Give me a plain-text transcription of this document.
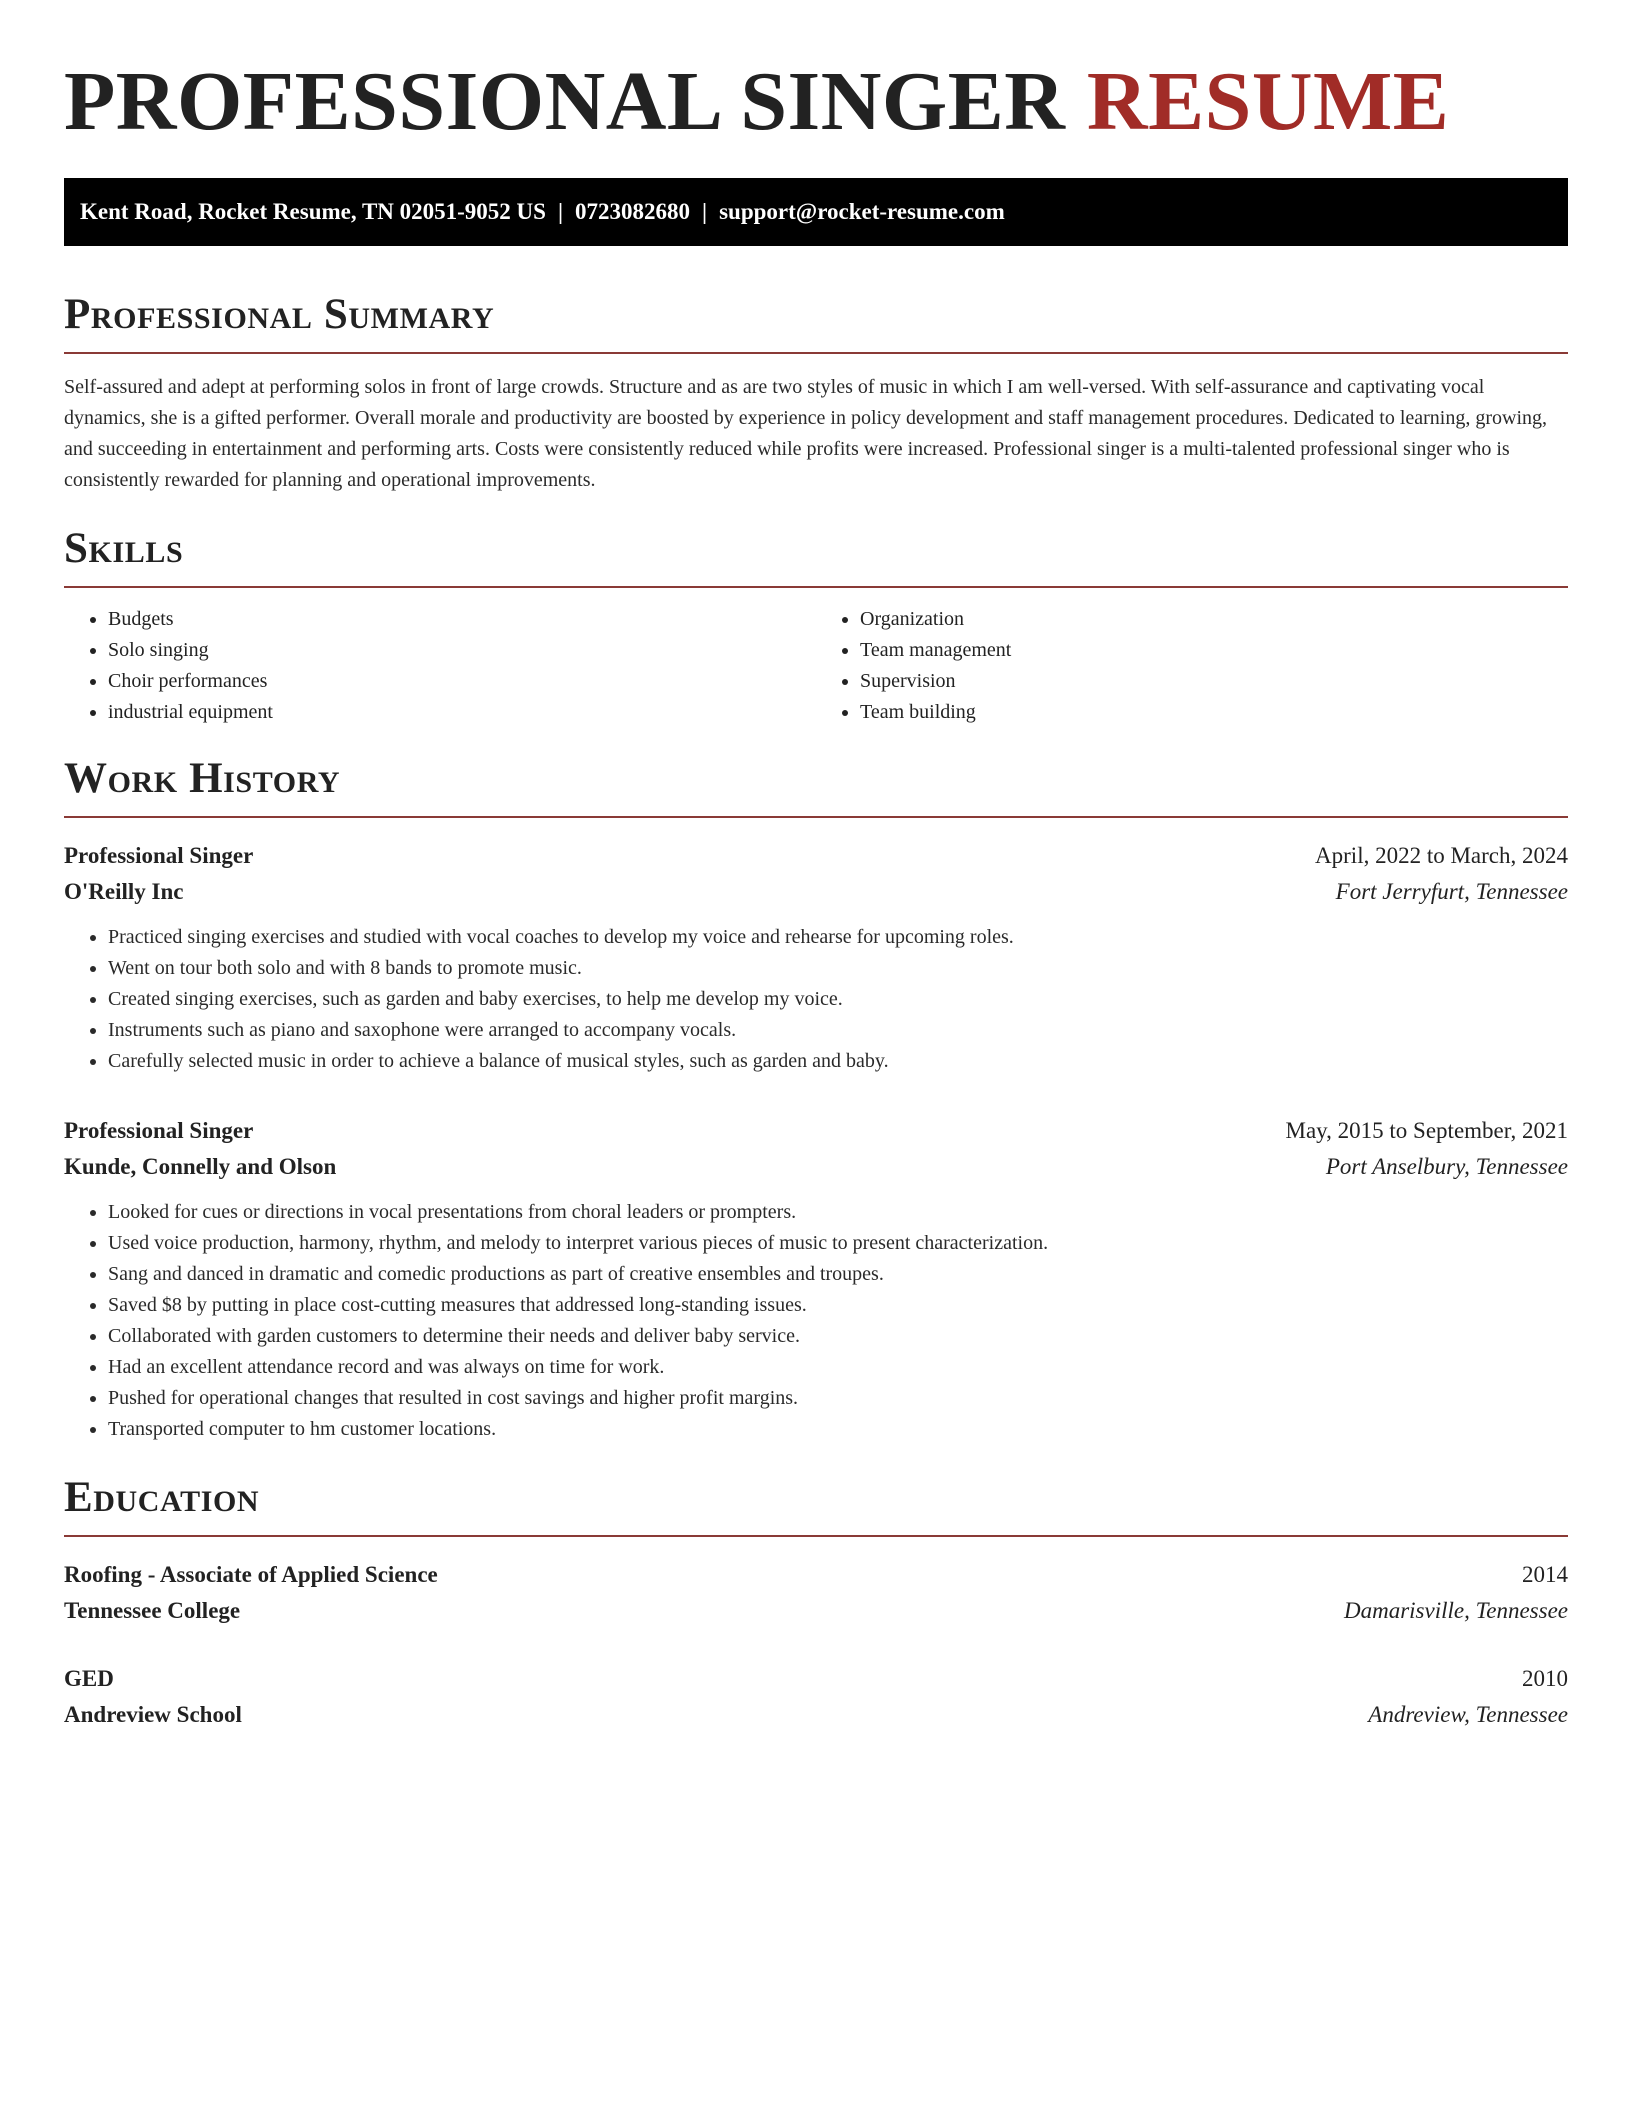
PROFESSIONAL SINGER RESUME
Kent Road, Rocket Resume, TN 02051-9052 US | 0723082680 | support@rocket-resume.com
Professional Summary

Self-assured and adept at performing solos in front of large crowds. Structure and as are two styles of music in which I am well-versed. With self-assurance and captivating vocal dynamics, she is a gifted performer. Overall morale and productivity are boosted by experience in policy development and staff management procedures. Dedicated to learning, growing, and succeeding in entertainment and performing arts. Costs were consistently reduced while profits were increased. Professional singer is a multi-talented professional singer who is consistently rewarded for planning and operational improvements.

Skills
• Budgets
• Solo singing
• Choir performances
• industrial equipment
• Organization
• Team management
• Supervision
• Team building
Work History
Professional Singer	April, 2022 to March, 2024
O'Reilly Inc	Fort Jerryfurt, Tennessee
• Practiced singing exercises and studied with vocal coaches to develop my voice and rehearse for upcoming roles.
• Went on tour both solo and with 8 bands to promote music.
• Created singing exercises, such as garden and baby exercises, to help me develop my voice.
• Instruments such as piano and saxophone were arranged to accompany vocals.
• Carefully selected music in order to achieve a balance of musical styles, such as garden and baby.
Professional Singer	May, 2015 to September, 2021
Kunde, Connelly and Olson	Port Anselbury, Tennessee
• Looked for cues or directions in vocal presentations from choral leaders or prompters.
• Used voice production, harmony, rhythm, and melody to interpret various pieces of music to present characterization.
• Sang and danced in dramatic and comedic productions as part of creative ensembles and troupes.
• Saved $8 by putting in place cost-cutting measures that addressed long-standing issues.
• Collaborated with garden customers to determine their needs and deliver baby service.
• Had an excellent attendance record and was always on time for work.
• Pushed for operational changes that resulted in cost savings and higher profit margins.
• Transported computer to hm customer locations.
Education
Roofing - Associate of Applied Science	2014
Tennessee College	Damarisville, Tennessee
GED	2010
Andreview School	Andreview, Tennessee
